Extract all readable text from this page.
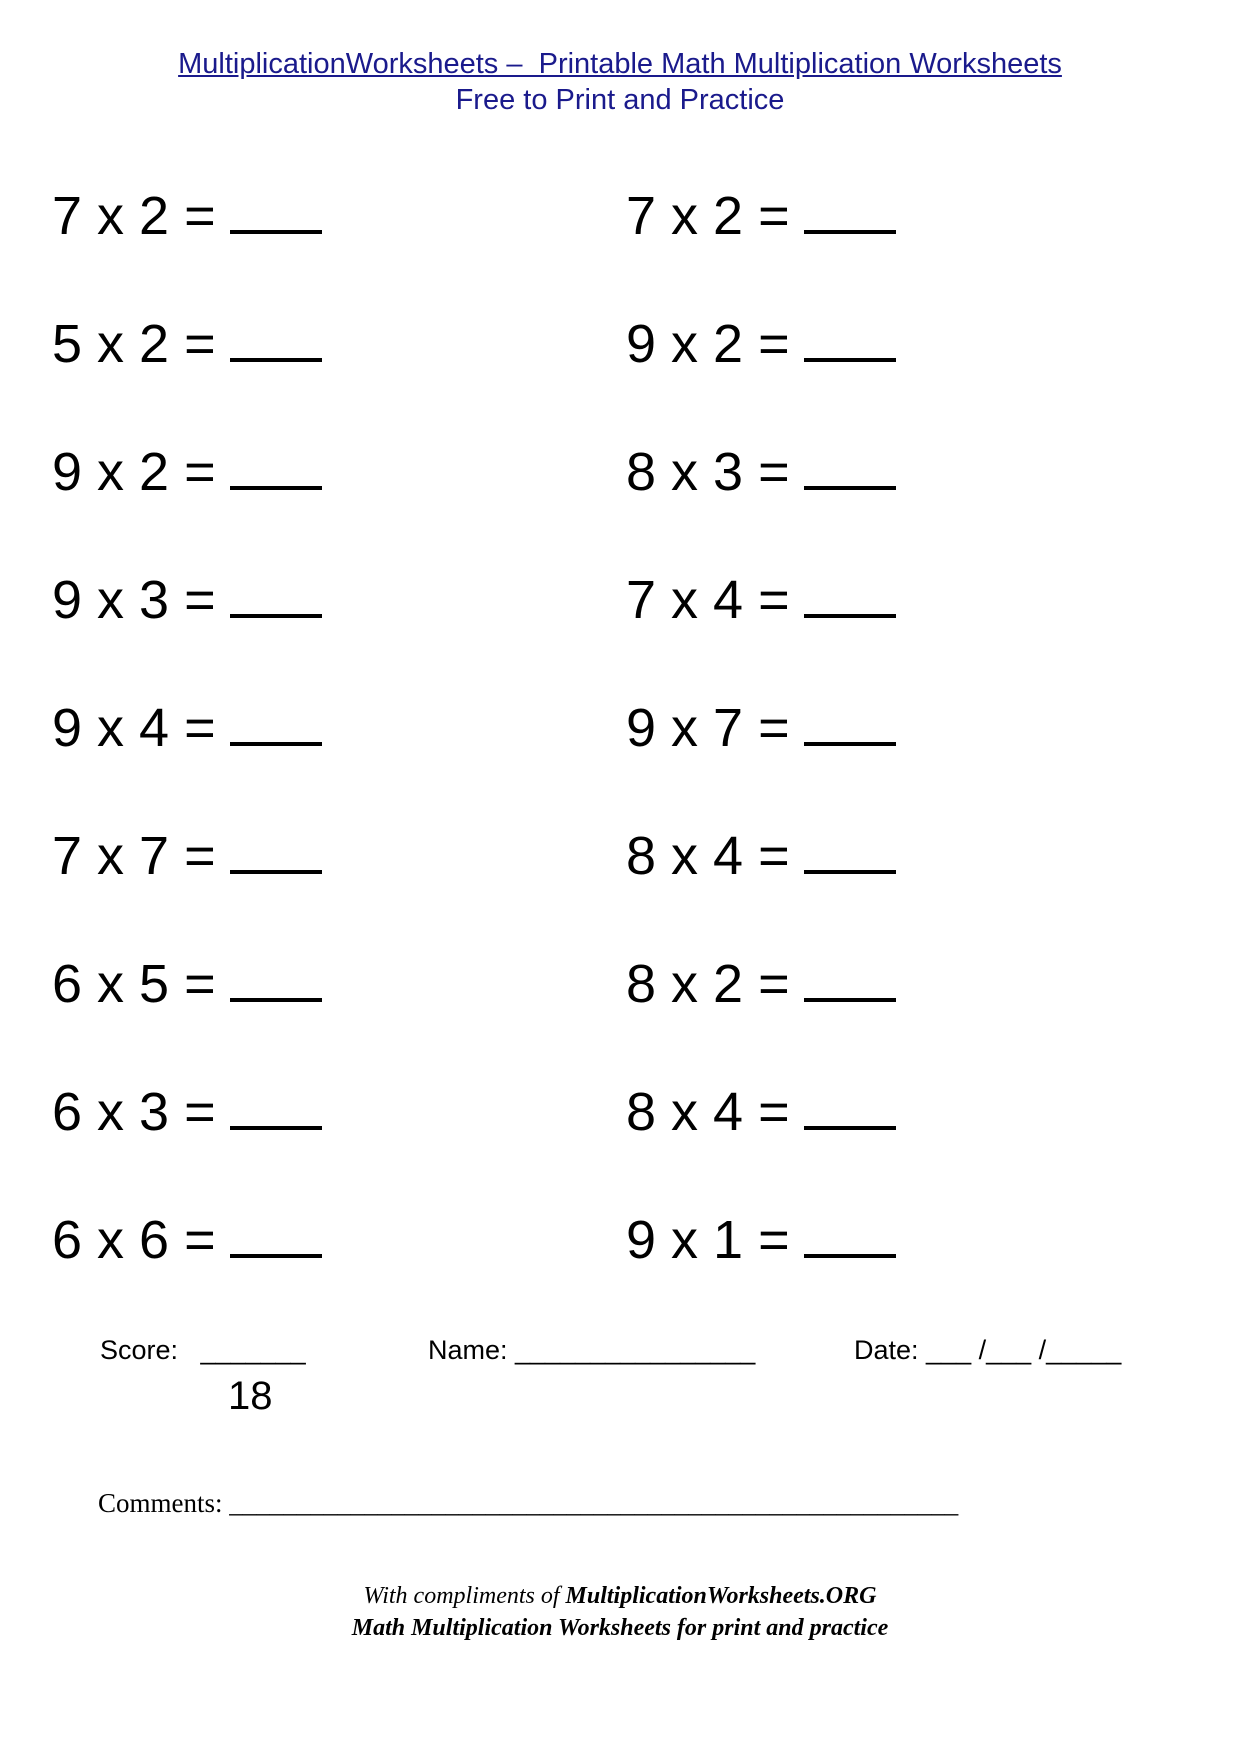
MultiplicationWorksheets –  Printable Math Multiplication Worksheets
Free to Print and Practice
7 x 2 =
5 x 2 =
9 x 2 =
9 x 3 =
9 x 4 =
7 x 7 =
6 x 5 =
6 x 3 =
6 x 6 =
7 x 2 =
9 x 2 =
8 x 3 =
7 x 4 =
9 x 7 =
8 x 4 =
8 x 2 =
8 x 4 =
9 x 1 =
Score:   _______
18
Name: ________________	Date: ___ /___ /_____
Comments: ______________________________________________________
With compliments of MultiplicationWorksheets.ORG
Math Multiplication Worksheets for print and practice
